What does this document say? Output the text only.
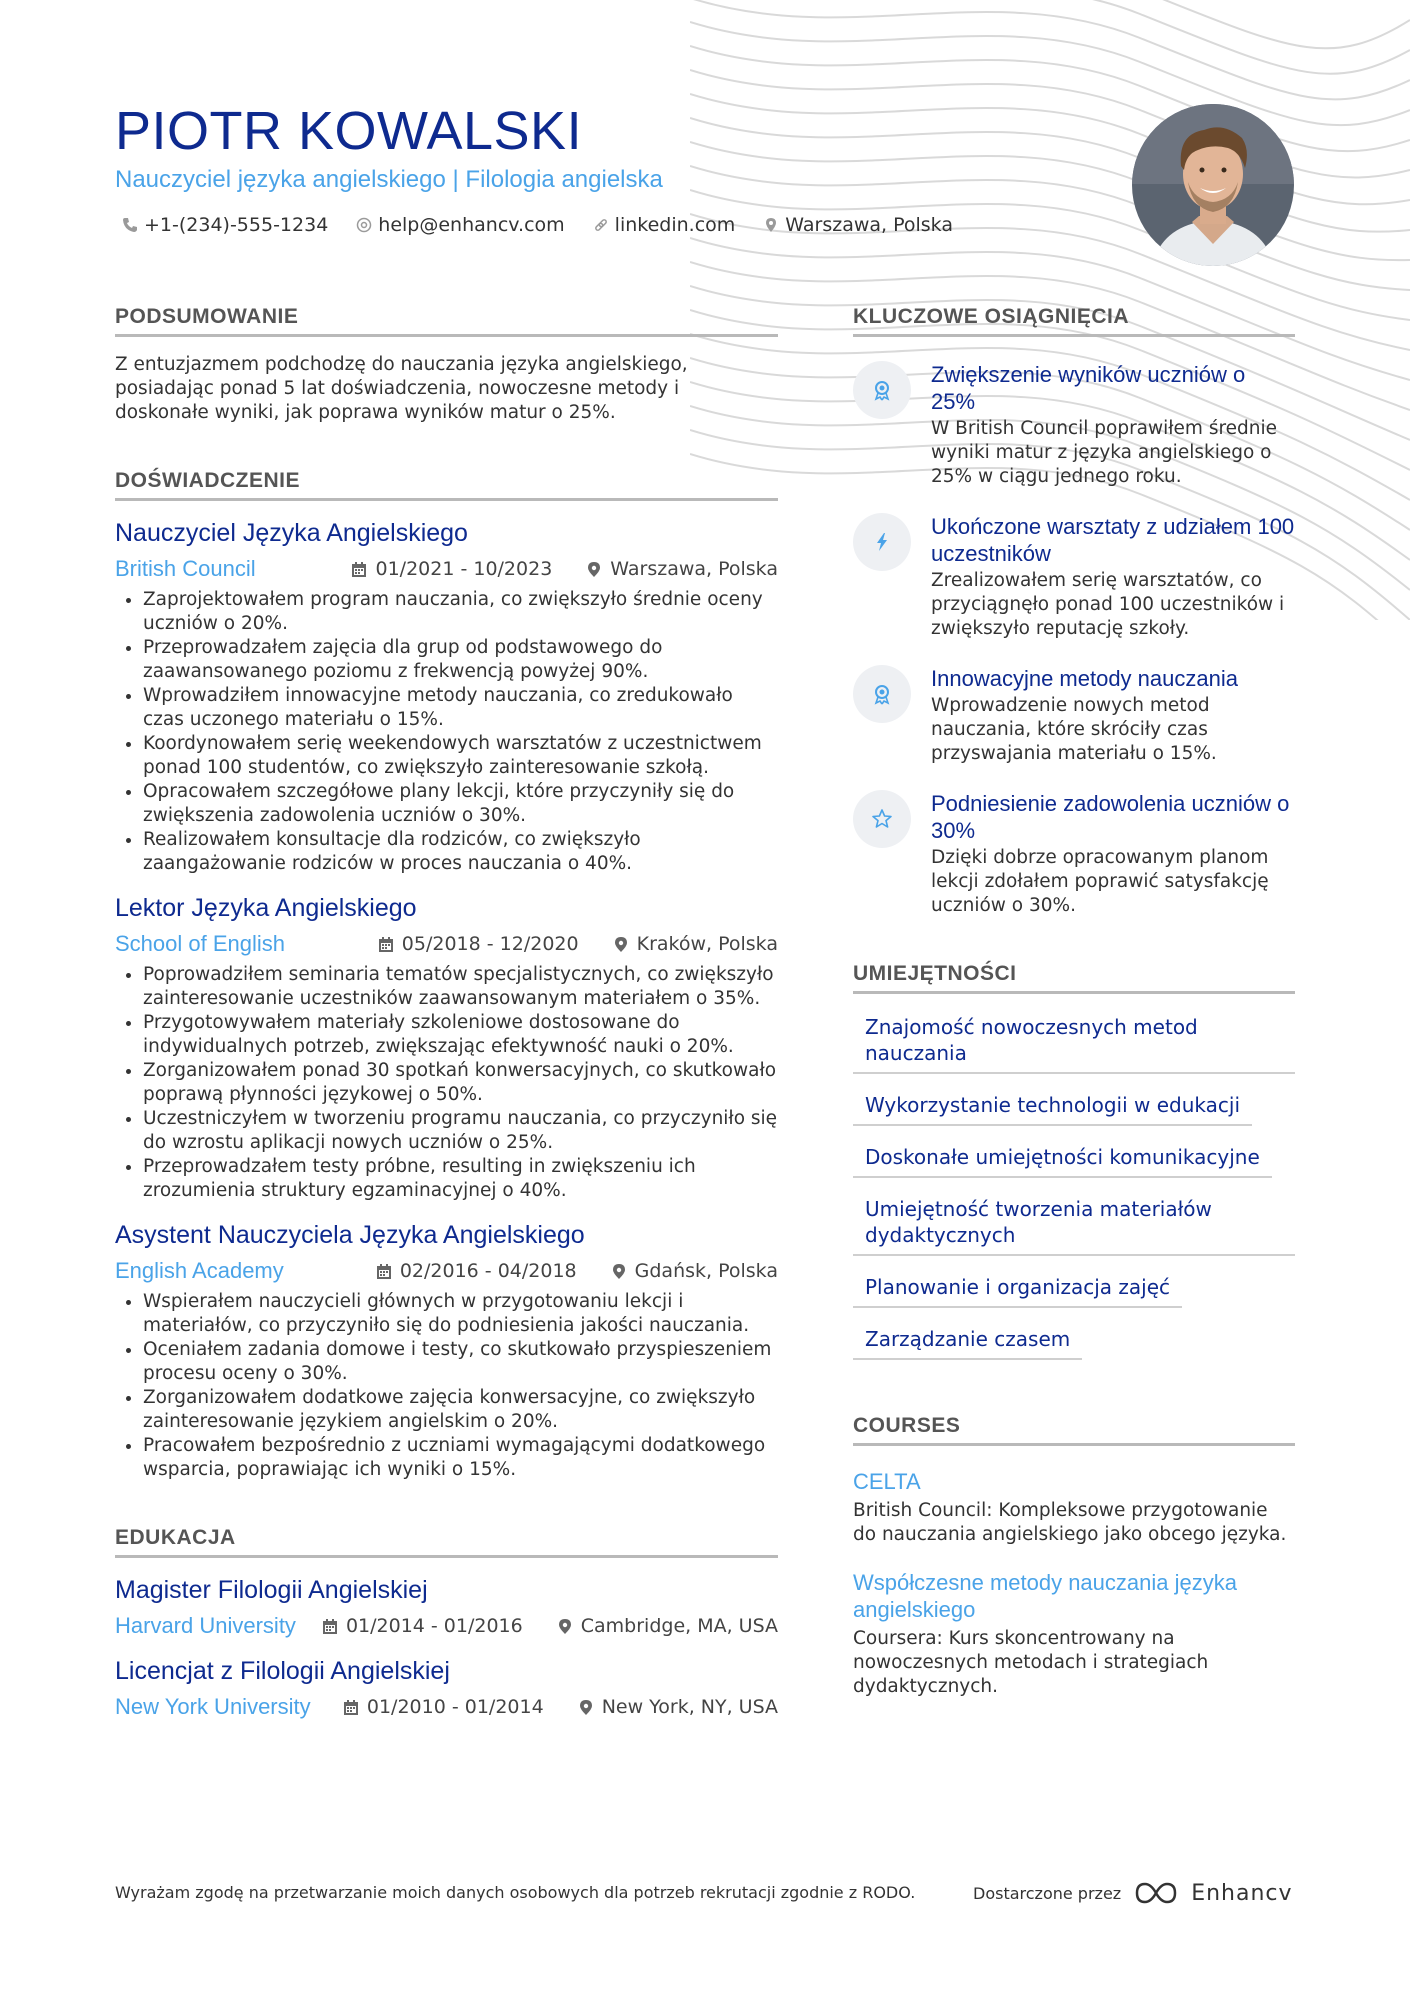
PIOTR KOWALSKI
Nauczyciel języka angielskiego | Filologia angielska
+1-(234)-555-1234	help@enhancv.com	linkedin.com	Warszawa, Polska
PODSUMOWANIE

Z entuzjazmem podchodzę do nauczania języka angielskiego, posiadając ponad 5 lat doświadczenia, nowoczesne metody i doskonałe wyniki, jak poprawa wyników matur o 25%.

DOŚWIADCZENIE
Nauczyciel Języka Angielskiego
British Council	01/2021 - 10/2023	Warszawa, Polska
• Zaprojektowałem program nauczania, co zwiększyło średnie oceny uczniów o 20%.
• Przeprowadzałem zajęcia dla grup od podstawowego do zaawansowanego poziomu z frekwencją powyżej 90%.
• Wprowadziłem innowacyjne metody nauczania, co zredukowało czas uczonego materiału o 15%.
• Koordynowałem serię weekendowych warsztatów z uczestnictwem ponad 100 studentów, co zwiększyło zainteresowanie szkołą.
• Opracowałem szczegółowe plany lekcji, które przyczyniły się do zwiększenia zadowolenia uczniów o 30%.
• Realizowałem konsultacje dla rodziców, co zwiększyło zaangażowanie rodziców w proces nauczania o 40%.
Lektor Języka Angielskiego
School of English	05/2018 - 12/2020	Kraków, Polska
• Poprowadziłem seminaria tematów specjalistycznych, co zwiększyło zainteresowanie uczestników zaawansowanym materiałem o 35%.
• Przygotowywałem materiały szkoleniowe dostosowane do indywidualnych potrzeb, zwiększając efektywność nauki o 20%.
• Zorganizowałem ponad 30 spotkań konwersacyjnych, co skutkowało poprawą płynności językowej o 50%.
• Uczestniczyłem w tworzeniu programu nauczania, co przyczyniło się do wzrostu aplikacji nowych uczniów o 25%.
• Przeprowadzałem testy próbne, resulting in zwiększeniu ich zrozumienia struktury egzaminacyjnej o 40%.
Asystent Nauczyciela Języka Angielskiego
English Academy	02/2016 - 04/2018	Gdańsk, Polska
• Wspierałem nauczycieli głównych w przygotowaniu lekcji i materiałów, co przyczyniło się do podniesienia jakości nauczania.
• Oceniałem zadania domowe i testy, co skutkowało przyspieszeniem procesu oceny o 30%.
• Zorganizowałem dodatkowe zajęcia konwersacyjne, co zwiększyło zainteresowanie językiem angielskim o 20%.
• Pracowałem bezpośrednio z uczniami wymagającymi dodatkowego wsparcia, poprawiając ich wyniki o 15%.
EDUKACJA
Magister Filologii Angielskiej
Harvard University	01/2014 - 01/2016	Cambridge, MA, USA
Licencjat z Filologii Angielskiej
New York University	01/2010 - 01/2014	New York, NY, USA
KLUCZOWE OSIĄGNIĘCIA
Zwiększenie wyników uczniów o 25%
W British Council poprawiłem średnie wyniki matur z języka angielskiego o 25% w ciągu jednego roku.
Ukończone warsztaty z udziałem 100 uczestników
Zrealizowałem serię warsztatów, co przyciągnęło ponad 100 uczestników i zwiększyło reputację szkoły.
Innowacyjne metody nauczania
Wprowadzenie nowych metod nauczania, które skróciły czas przyswajania materiału o 15%.
Podniesienie zadowolenia uczniów o 30%
Dzięki dobrze opracowanym planom lekcji zdołałem poprawić satysfakcję uczniów o 30%.
UMIEJĘTNOŚCI
Znajomość nowoczesnych metod nauczania
Wykorzystanie technologii w edukacji Doskonałe umiejętności komunikacyjne
Umiejętność tworzenia materiałów dydaktycznych
Planowanie i organizacja zajęć Zarządzanie czasem
COURSES
CELTA
British Council: Kompleksowe przygotowanie do nauczania angielskiego jako obcego języka.
Współczesne metody nauczania języka angielskiego
Coursera: Kurs skoncentrowany na nowoczesnych metodach i strategiach dydaktycznych.
Wyrażam zgodę na przetwarzanie moich danych osobowych dla potrzeb rekrutacji zgodnie z RODO.	Dostarczone przez	Enhancv
